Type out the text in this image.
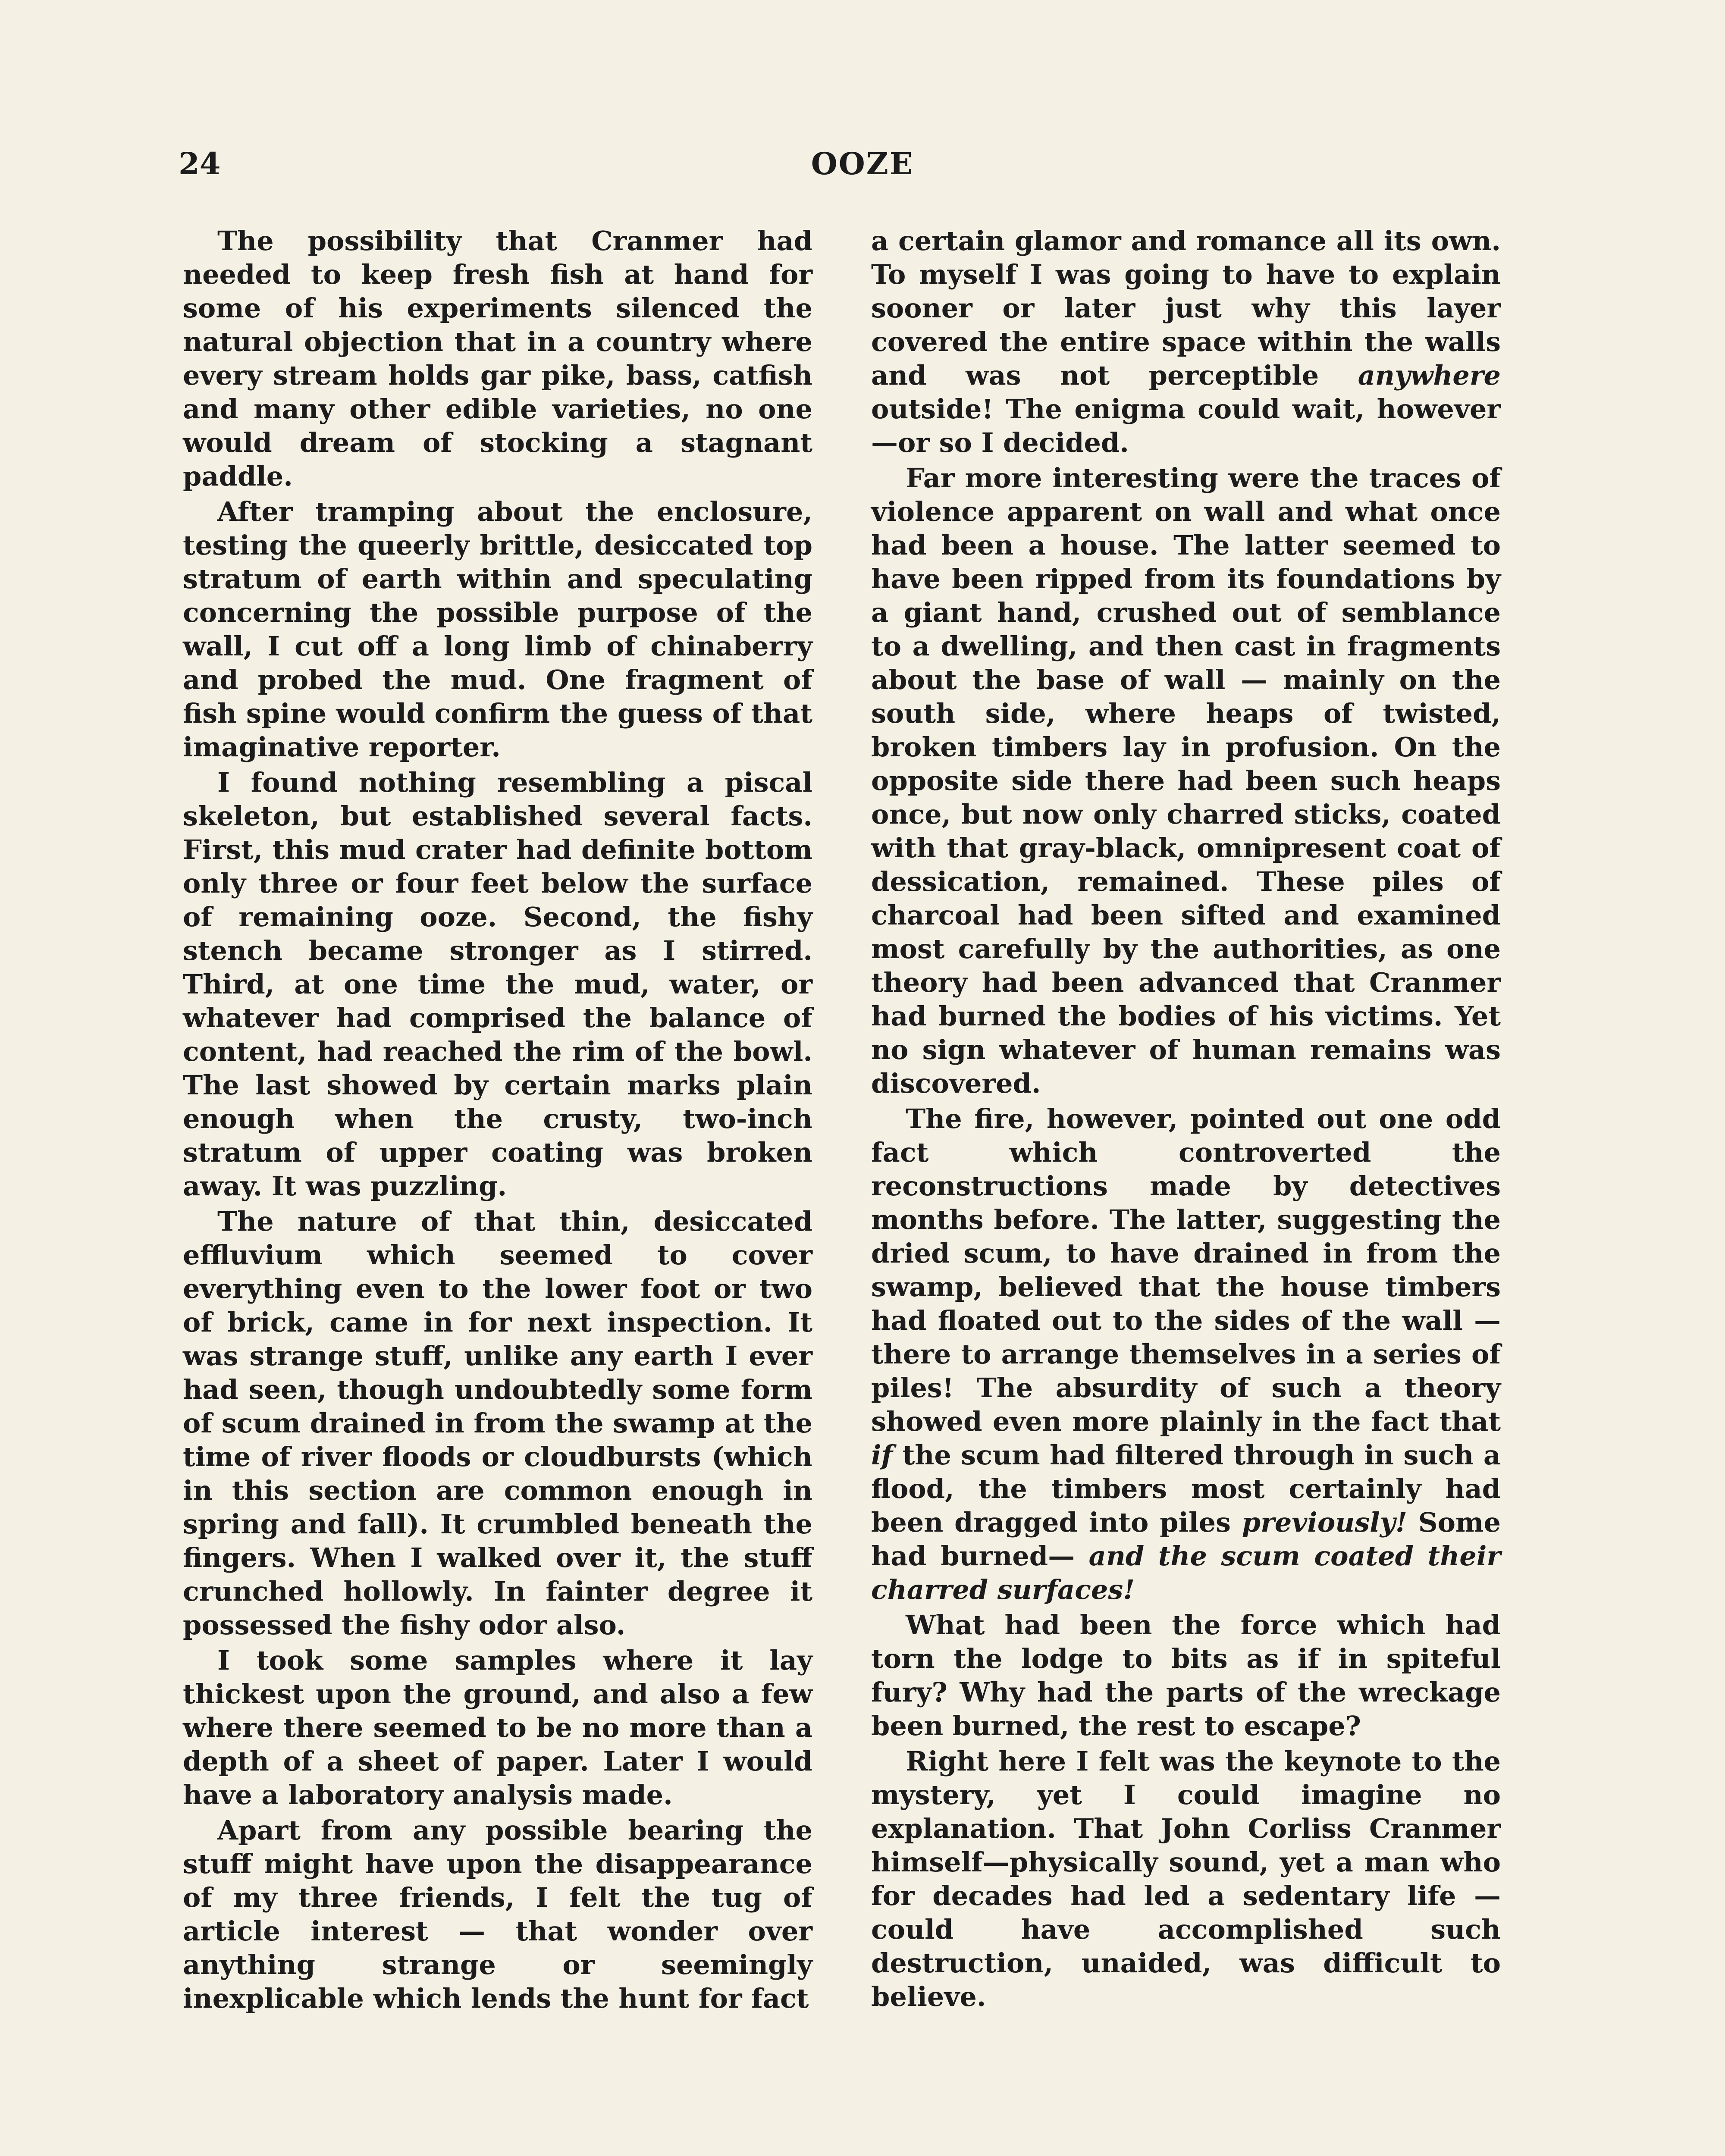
24	OOZE

The possibility that Cranmer had needed to keep fresh fish at hand for some of his experiments silenced the natural objection that in a country where every stream holds gar pike, bass, catfish and many other edible varieties, no one would dream of stocking a stagnant paddle.

After tramping about the enclosure, testing the queerly brittle, desiccated top stratum of earth within and speculating concerning the possible purpose of the wall, I cut off a long limb of chinaberry and probed the mud. One fragment of fish spine would confirm the guess of that imaginative reporter.

I found nothing resembling a piscal skeleton, but established several facts. First, this mud crater had definite bottom only three or four feet below the surface of remaining ooze. Second, the fishy stench became stronger as I stirred. Third, at one time the mud, water, or whatever had comprised the balance of content, had reached the rim of the bowl. The last showed by certain marks plain enough when the crusty, two-inch stratum of upper coating was broken away. It was puzzling.

The nature of that thin, desiccated effluvium which seemed to cover everything even to the lower foot or two of brick, came in for next inspection. It was strange stuff, unlike any earth I ever had seen, though undoubtedly some form of scum drained in from the swamp at the time of river floods or cloudbursts (which in this section are common enough in spring and fall). It crumbled beneath the fingers. When I walked over it, the stuff crunched hollowly. In fainter degree it possessed the fishy odor also.

I took some samples where it lay thickest upon the ground, and also a few where there seemed to be no more than a depth of a sheet of paper. Later I would have a laboratory analysis made.

Apart from any possible bearing the stuff might have upon the disappearance of my three friends, I felt the tug of article interest — that wonder over anything strange or seemingly inexplicable which lends the hunt for fact

a certain glamor and romance all its own. To myself I was going to have to explain sooner or later just why this layer covered the entire space within the walls and was not perceptible anywhere outside! The enigma could wait, however—or so I decided.

Far more interesting were the traces of violence apparent on wall and what once had been a house. The latter seemed to have been ripped from its foundations by a giant hand, crushed out of semblance to a dwelling, and then cast in fragments about the base of wall — mainly on the south side, where heaps of twisted, broken timbers lay in profusion. On the opposite side there had been such heaps once, but now only charred sticks, coated with that gray-black, omnipresent coat of dessication, remained. These piles of charcoal had been sifted and examined most carefully by the authorities, as one theory had been advanced that Cranmer had burned the bodies of his victims. Yet no sign whatever of human remains was discovered.

The fire, however, pointed out one odd fact which controverted the reconstructions made by detectives months before. The latter, suggesting the dried scum, to have drained in from the swamp, believed that the house timbers had floated out to the sides of the wall —there to arrange themselves in a series of piles! The absurdity of such a theory showed even more plainly in the fact that if the scum had filtered through in such a flood, the timbers most certainly had been dragged into piles previously! Some had burned— and the scum coated their charred surfaces!

What had been the force which had torn the lodge to bits as if in spiteful fury? Why had the parts of the wreckage been burned, the rest to escape?

Right here I felt was the keynote to the mystery, yet I could imagine no explanation. That John Corliss Cranmer himself—physically sound, yet a man who for decades had led a sedentary life —could have accomplished such destruction, unaided, was difficult to believe.
